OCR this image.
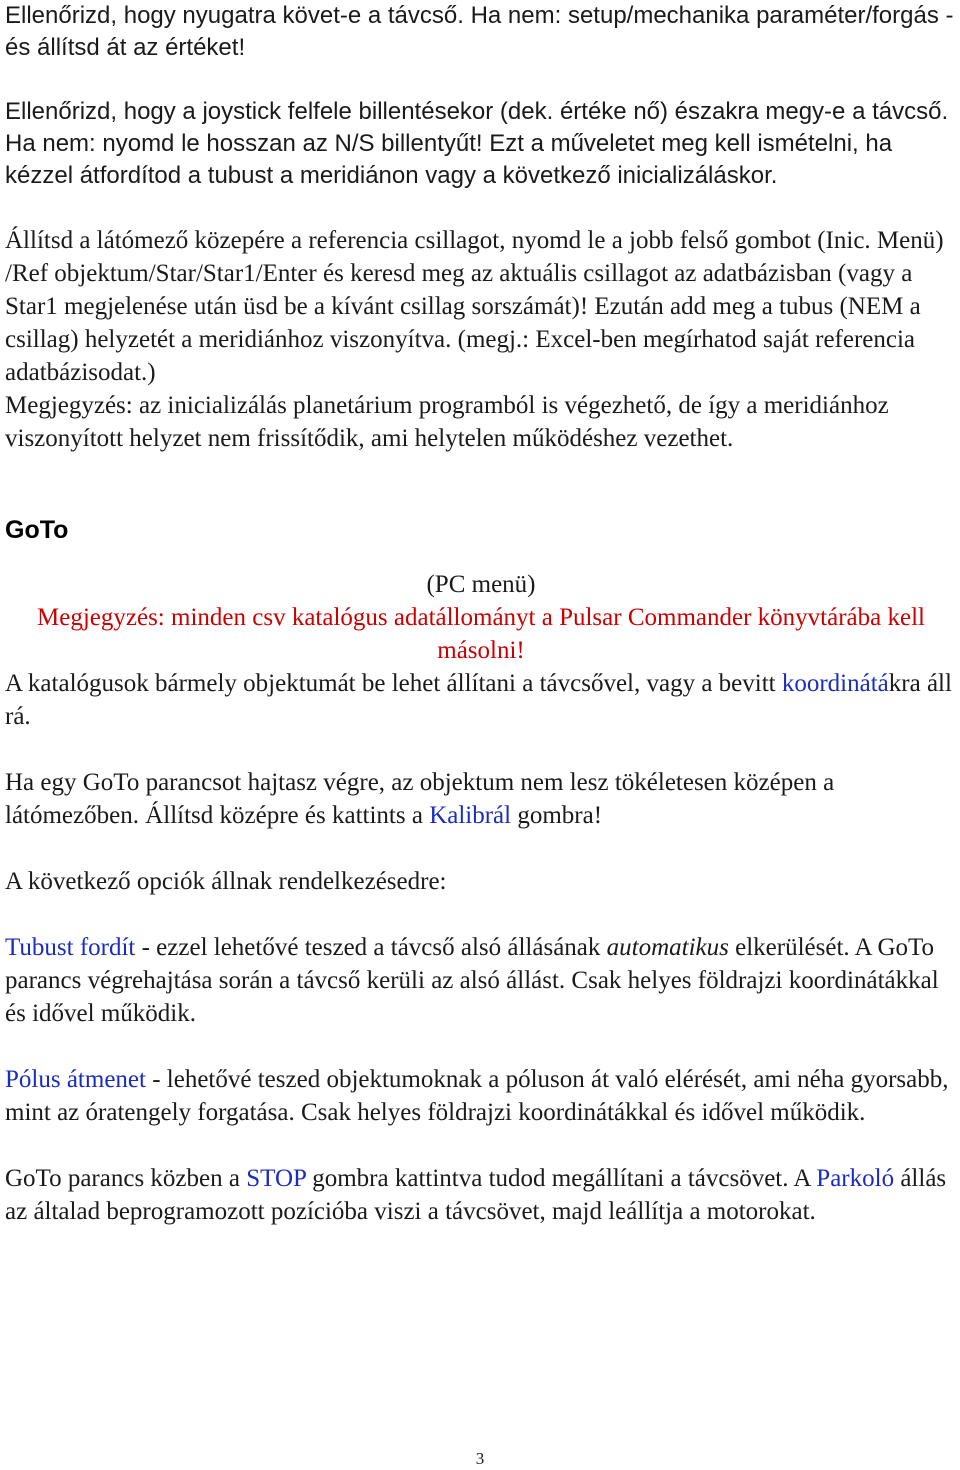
Ellenőrizd, hogy nyugatra követ-e a távcső. Ha nem: setup/mechanika paraméter/forgás - és állítsd át az értéket!

Ellenőrizd, hogy a joystick felfele billentésekor (dek. értéke nő) északra megy-e a távcső. Ha nem: nyomd le hosszan az N/S billentyűt! Ezt a műveletet meg kell ismételni, ha kézzel átfordítod a tubust a meridiánon vagy a következő inicializáláskor.

Állítsd a látómező közepére a referencia csillagot, nyomd le a jobb felső gombot (Inic. Menü) /Ref objektum/Star/Star1/Enter és keresd meg az aktuális csillagot az adatbázisban (vagy a Star1 megjelenése után üsd be a kívánt csillag sorszámát)! Ezután add meg a tubus (NEM a csillag) helyzetét a meridiánhoz viszonyítva. (megj.: Excel-ben megírhatod saját referencia adatbázisodat.)

Megjegyzés: az inicializálás planetárium programból is végezhető, de így a meridiánhoz viszonyított helyzet nem frissítődik, ami helytelen működéshez vezethet.

GoTo

(PC menü)

Megjegyzés: minden csv katalógus adatállományt a Pulsar Commander könyvtárába kell másolni!

A katalógusok bármely objektumát be lehet állítani a távcsővel, vagy a bevitt koordinátákra áll rá.

Ha egy GoTo parancsot hajtasz végre, az objektum nem lesz tökéletesen középen a látómezőben. Állítsd középre és kattints a Kalibrál gombra!

A következő opciók állnak rendelkezésedre:

Tubust fordít - ezzel lehetővé teszed a távcső alsó állásának automatikus elkerülését. A GoTo parancs végrehajtása során a távcső kerüli az alsó állást. Csak helyes földrajzi koordinátákkal és idővel működik.

Pólus átmenet - lehetővé teszed objektumoknak a póluson át való elérését, ami néha gyorsabb, mint az óratengely forgatása. Csak helyes földrajzi koordinátákkal és idővel működik.

GoTo parancs közben a STOP gombra kattintva tudod megállítani a távcsövet. A Parkoló állás az általad beprogramozott pozícióba viszi a távcsövet, majd leállítja a motorokat.

3
